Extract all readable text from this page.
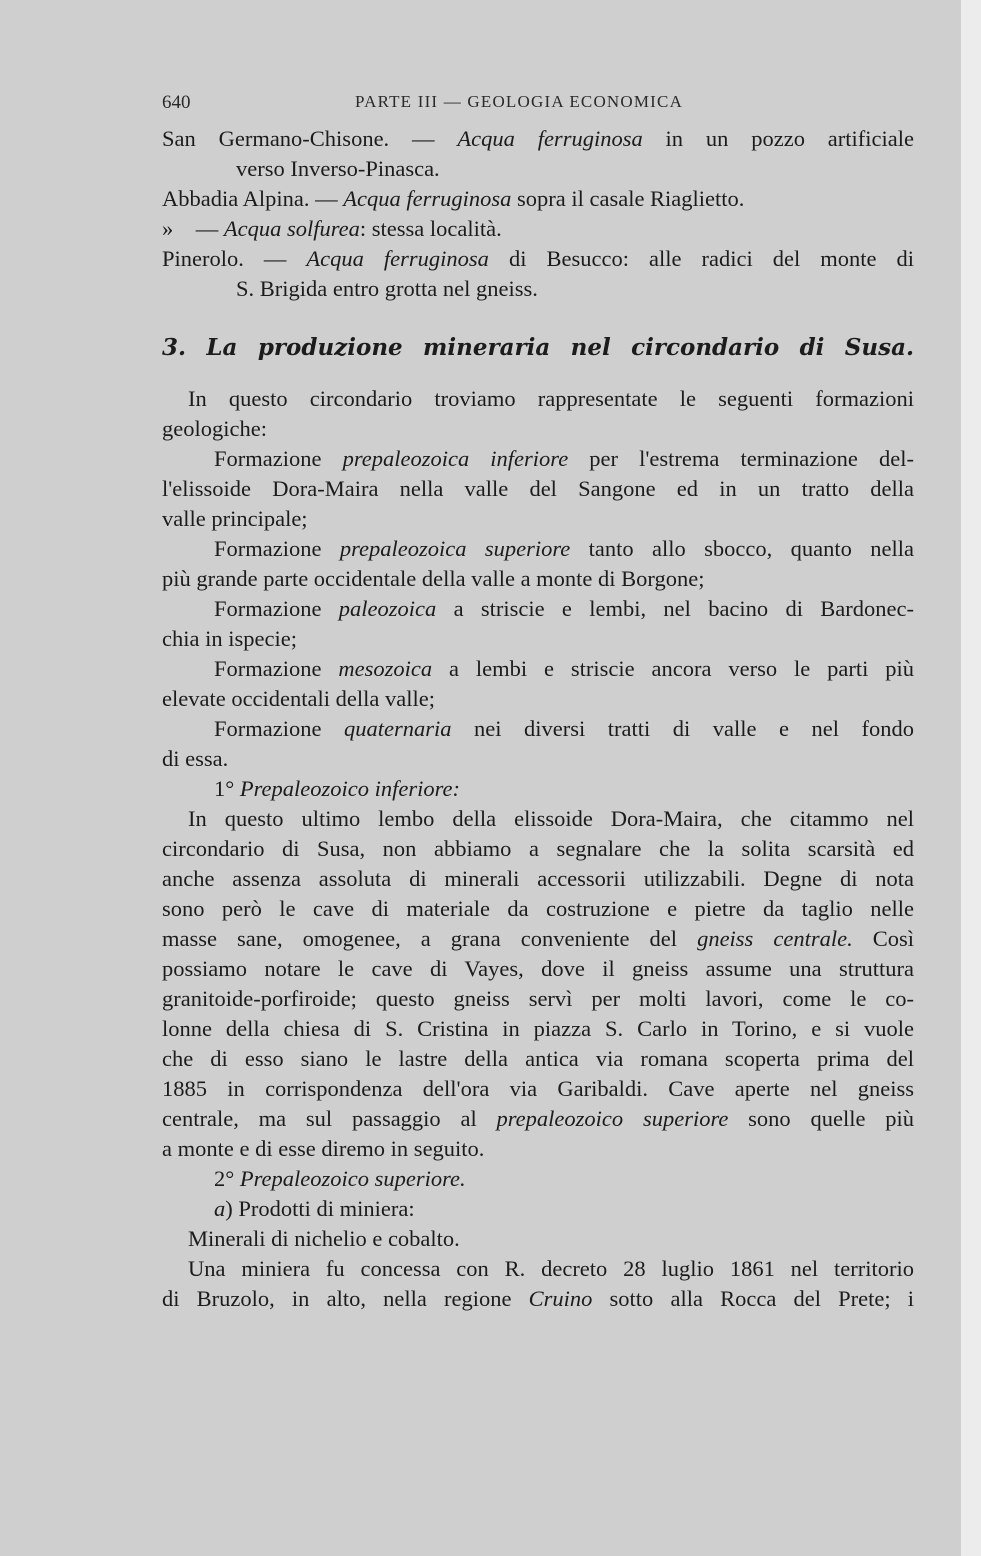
640	PARTE III — GEOLOGIA ECONOMICA
San Germano-Chisone. — Acqua ferruginosa in un pozzo artificiale
verso Inverso-Pinasca.
Abbadia Alpina. — Acqua ferruginosa sopra il casale Riaglietto.
»    — Acqua solfurea: stessa località.
Pinerolo. — Acqua ferruginosa di Besucco: alle radici del monte di
S. Brigida entro grotta nel gneiss.
3. La produzione mineraria nel circondario di Susa.
In questo circondario troviamo rappresentate le seguenti formazioni
geologiche:
Formazione prepaleozoica inferiore per l'estrema terminazione del-
l'elissoide Dora-Maira nella valle del Sangone ed in un tratto della
valle principale;
Formazione prepaleozoica superiore tanto allo sbocco, quanto nella
più grande parte occidentale della valle a monte di Borgone;
Formazione paleozoica a striscie e lembi, nel bacino di Bardonec-
chia in ispecie;
Formazione mesozoica a lembi e striscie ancora verso le parti più
elevate occidentali della valle;
Formazione quaternaria nei diversi tratti di valle e nel fondo
di essa.
1° Prepaleozoico inferiore:
In questo ultimo lembo della elissoide Dora-Maira, che citammo nel
circondario di Susa, non abbiamo a segnalare che la solita scarsità ed
anche assenza assoluta di minerali accessorii utilizzabili. Degne di nota
sono però le cave di materiale da costruzione e pietre da taglio nelle
masse sane, omogenee, a grana conveniente del gneiss centrale. Così
possiamo notare le cave di Vayes, dove il gneiss assume una struttura
granitoide-porfiroide; questo gneiss servì per molti lavori, come le co-
lonne della chiesa di S. Cristina in piazza S. Carlo in Torino, e si vuole
che di esso siano le lastre della antica via romana scoperta prima del
1885 in corrispondenza dell'ora via Garibaldi. Cave aperte nel gneiss
centrale, ma sul passaggio al prepaleozoico superiore sono quelle più
a monte e di esse diremo in seguito.
2° Prepaleozoico superiore.
a) Prodotti di miniera:
Minerali di nichelio e cobalto.
Una miniera fu concessa con R. decreto 28 luglio 1861 nel territorio
di Bruzolo, in alto, nella regione Cruino sotto alla Rocca del Prete; i
